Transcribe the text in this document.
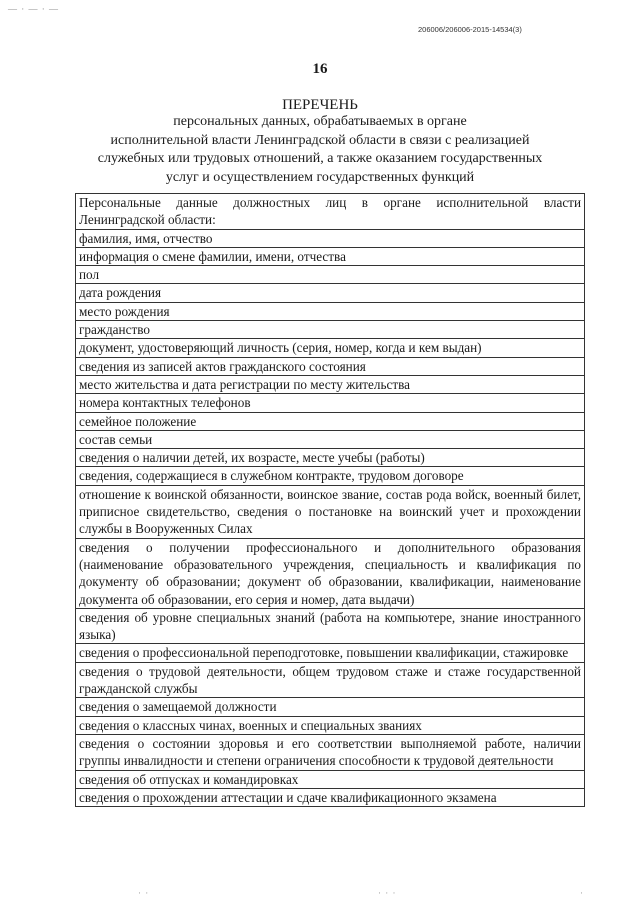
— · — · —
206006/206006-2015-14534(3)
16
ПЕРЕЧЕНЬ
персональных данных, обрабатываемых в органе
исполнительной власти Ленинградской области в связи с реализацией
служебных или трудовых отношений, а также оказанием государственных
услуг и осуществлением государственных функций
Персональные данные должностных лиц в органе исполнительной власти Ленинградской области:
фамилия, имя, отчество
информация о смене фамилии, имени, отчества
пол
дата рождения
место рождения
гражданство
документ, удостоверяющий личность (серия, номер, когда и кем выдан)
сведения из записей актов гражданского состояния
место жительства и дата регистрации по месту жительства
номера контактных телефонов
семейное положение
состав семьи
сведения о наличии детей, их возрасте, месте учебы (работы)
сведения, содержащиеся в служебном контракте, трудовом договоре
отношение к воинской обязанности, воинское звание, состав рода войск, военный билет, приписное свидетельство, сведения о постановке на воинский учет и прохождении службы в Вооруженных Силах
сведения о получении профессионального и дополнительного образования (наименование образовательного учреждения, специальность и квалификация по документу об образовании; документ об образовании, квалификации, наименование документа об образовании, его серия и номер, дата выдачи)
сведения об уровне специальных знаний (работа на компьютере, знание иностранного языка)
сведения о профессиональной переподготовке, повышении квалификации, стажировке
сведения о трудовой деятельности, общем трудовом стаже и стаже государственной гражданской службы
сведения о замещаемой должности
сведения о классных чинах, военных и специальных званиях
сведения о состоянии здоровья и его соответствии выполняемой работе, наличии группы инвалидности и степени ограничения способности к трудовой деятельности
сведения об отпусках и командировках
сведения о прохождении аттестации и сдаче квалификационного экзамена
· ·	· · ·	·
